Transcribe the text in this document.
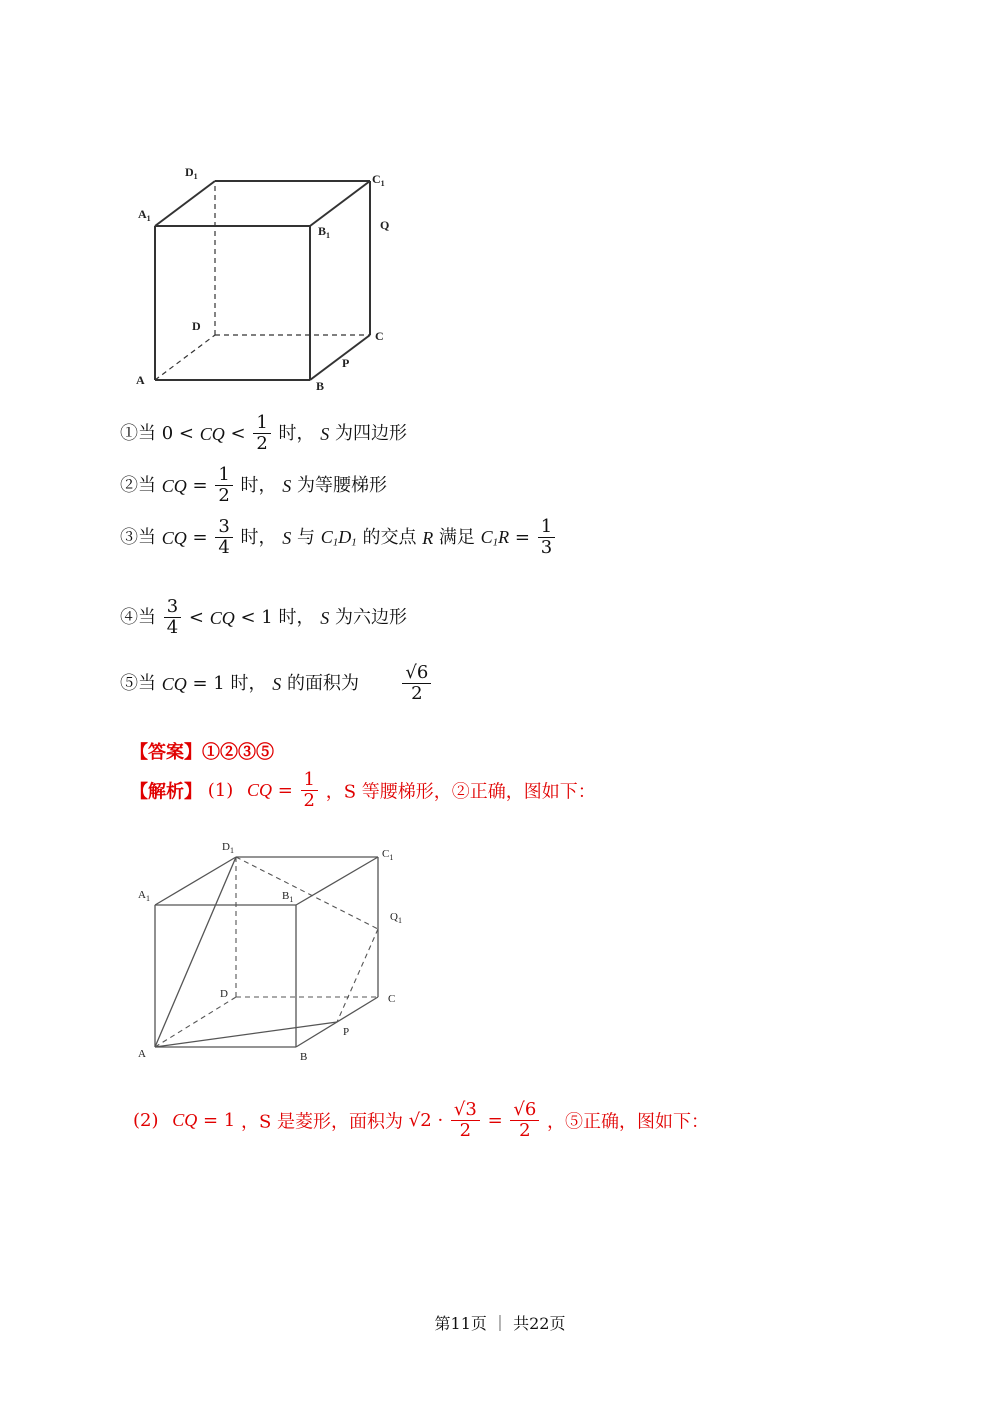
$D_1$	$C_1$
$A_1$
$B_1$
Q
D
C
P
A	B
①当 0 < CQ < $\frac{1}{2}$ 时， S 为四边形
②当 CQ = $\frac{1}{2}$ 时， S 为等腰梯形
③当 CQ = $\frac{3}{4}$ 时， S 与 $C_1D_1$ 的交点 R 满足 $C_1R = \frac{1}{3}$
④当 $\frac{3}{4}$ < CQ < 1 时， S 为六边形
⑤当 CQ = 1 时， S 的面积为 $\frac{√6}{2}$
【答案】①②③⑤
【解析】 (1) CQ = $\frac{1}{2}$ ，S 等腰梯形，②正确，图如下：
$D_1$	$C_1$
$A_1$	$B_1$
$Q_1$
D	C
P
A	B
(2) CQ = 1 ，S 是菱形，面积为 $√2 \cdot \frac{√3}{2} = \frac{√6}{2}$ ，⑤正确，图如下：
第11页 ｜ 共22页
